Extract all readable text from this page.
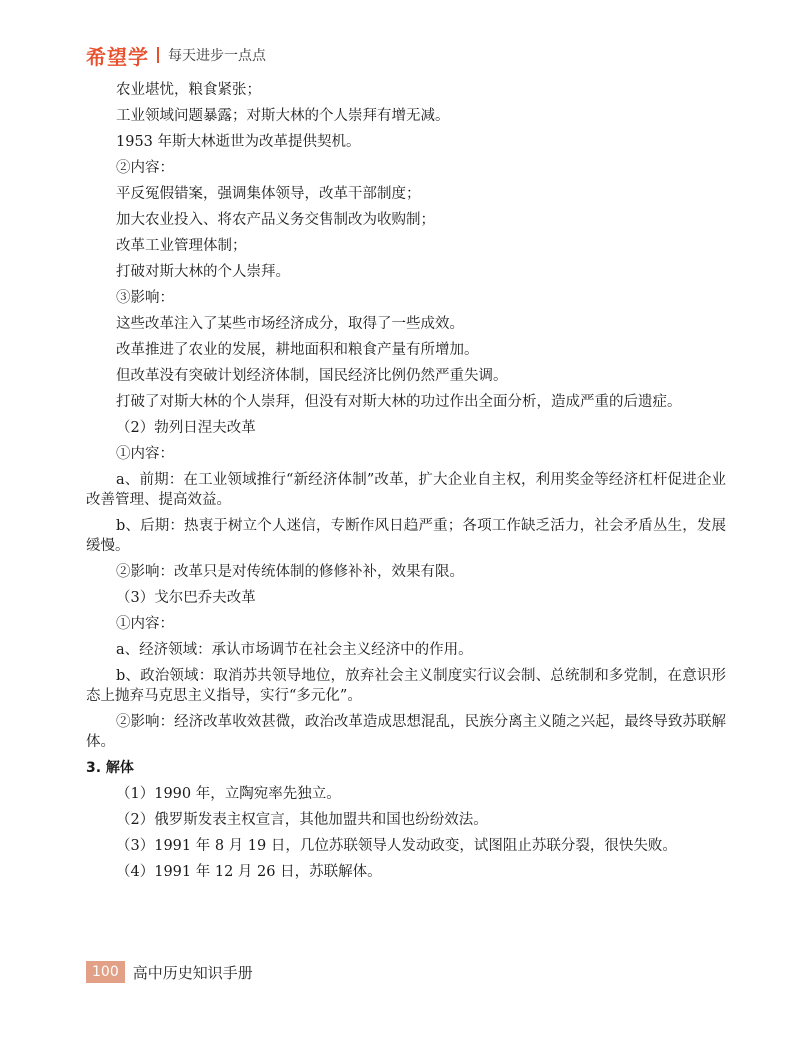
希望学 每天进步一点点

农业堪忧，粮食紧张；

工业领域问题暴露；对斯大林的个人崇拜有增无减。

1953 年斯大林逝世为改革提供契机。

②内容：

平反冤假错案，强调集体领导，改革干部制度；

加大农业投入、将农产品义务交售制改为收购制；

改革工业管理体制；

打破对斯大林的个人崇拜。

③影响：

这些改革注入了某些市场经济成分，取得了一些成效。

改革推进了农业的发展，耕地面积和粮食产量有所增加。

但改革没有突破计划经济体制，国民经济比例仍然严重失调。

打破了对斯大林的个人崇拜，但没有对斯大林的功过作出全面分析，造成严重的后遗症。

（2）勃列日涅夫改革

①内容：

a、前期：在工业领域推行“新经济体制”改革，扩大企业自主权，利用奖金等经济杠杆促进企业改善管理、提高效益。

b、后期：热衷于树立个人迷信，专断作风日趋严重；各项工作缺乏活力，社会矛盾丛生，发展缓慢。

②影响：改革只是对传统体制的修修补补，效果有限。

（3）戈尔巴乔夫改革

①内容：

a、经济领域：承认市场调节在社会主义经济中的作用。

b、政治领域：取消苏共领导地位，放弃社会主义制度实行议会制、总统制和多党制，在意识形态上抛弃马克思主义指导，实行“多元化”。

②影响：经济改革收效甚微，政治改革造成思想混乱，民族分离主义随之兴起，最终导致苏联解体。

3. 解体

（1）1990 年，立陶宛率先独立。

（2）俄罗斯发表主权宣言，其他加盟共和国也纷纷效法。

（3）1991 年 8 月 19 日，几位苏联领导人发动政变，试图阻止苏联分裂，很快失败。

（4）1991 年 12 月 26 日，苏联解体。

100 高中历史知识手册
